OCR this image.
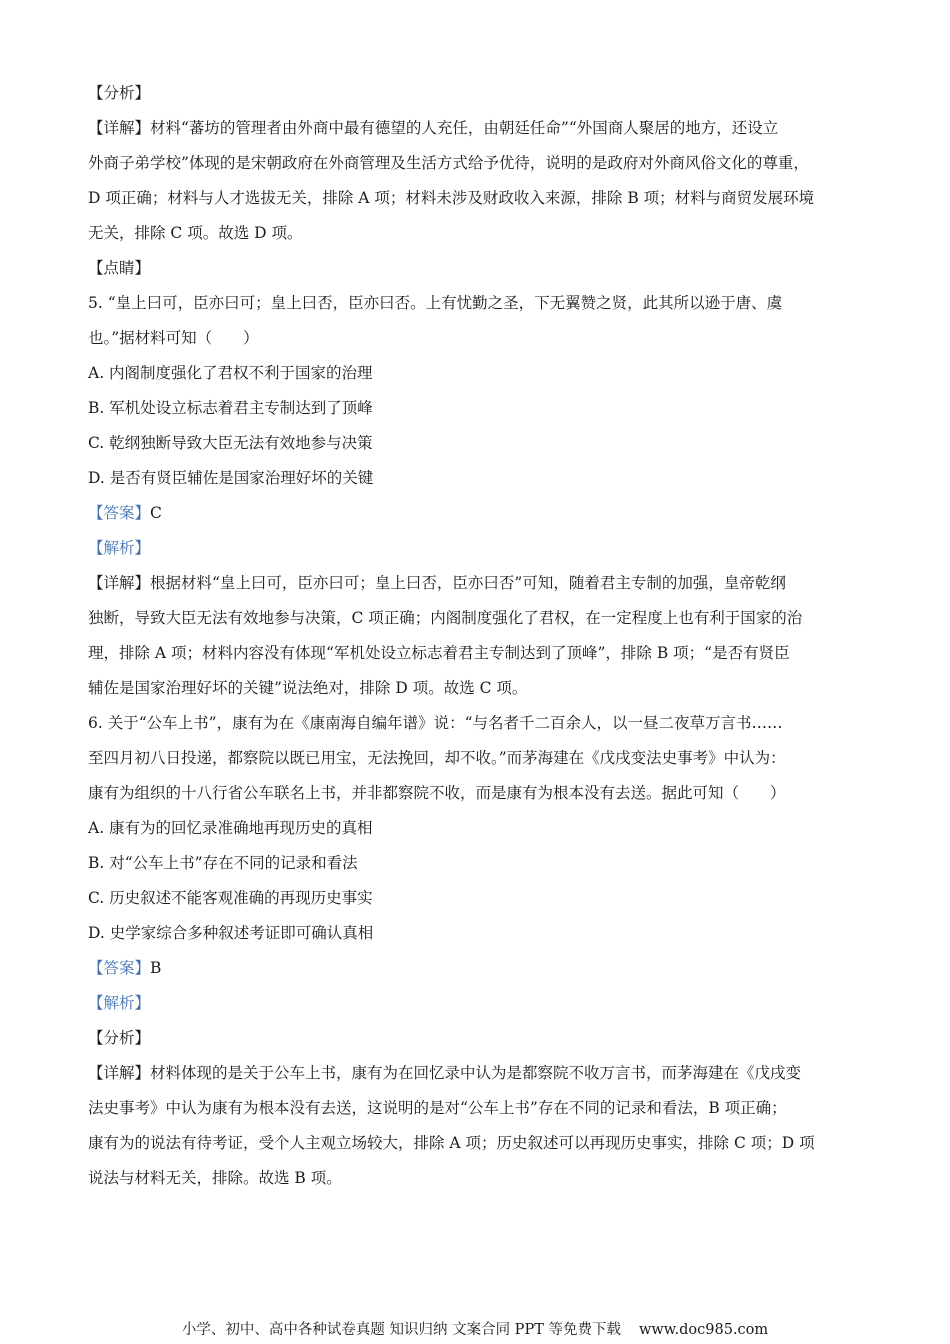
【分析】
【详解】材料“蕃坊的管理者由外商中最有德望的人充任，由朝廷任命”“外国商人聚居的地方，还设立
外商子弟学校”体现的是宋朝政府在外商管理及生活方式给予优待，说明的是政府对外商风俗文化的尊重，
D 项正确；材料与人才选拔无关，排除 A 项；材料未涉及财政收入来源，排除 B 项；材料与商贸发展环境
无关，排除 C 项。故选 D 项。
【点睛】
5. “皇上曰可，臣亦曰可；皇上曰否，臣亦曰否。上有忧勤之圣，下无翼赞之贤，此其所以逊于唐、虞
也。”据材料可知（　　）
A. 内阁制度强化了君权不利于国家的治理
B. 军机处设立标志着君主专制达到了顶峰
C. 乾纲独断导致大臣无法有效地参与决策
D. 是否有贤臣辅佐是国家治理好坏的关键
【答案】C
【解析】
【详解】根据材料“皇上曰可，臣亦曰可；皇上曰否，臣亦曰否”可知，随着君主专制的加强，皇帝乾纲
独断，导致大臣无法有效地参与决策，C 项正确；内阁制度强化了君权，在一定程度上也有利于国家的治
理，排除 A 项；材料内容没有体现“军机处设立标志着君主专制达到了顶峰”，排除 B 项；“是否有贤臣
辅佐是国家治理好坏的关键”说法绝对，排除 D 项。故选 C 项。
6. 关于“公车上书”，康有为在《康南海自编年谱》说：“与名者千二百余人，以一昼二夜草万言书……
至四月初八日投递，都察院以既已用宝，无法挽回，却不收。”而茅海建在《戊戌变法史事考》中认为：
康有为组织的十八行省公车联名上书，并非都察院不收，而是康有为根本没有去送。据此可知（　　）
A. 康有为的回忆录准确地再现历史的真相
B. 对“公车上书”存在不同的记录和看法
C. 历史叙述不能客观准确的再现历史事实
D. 史学家综合多种叙述考证即可确认真相
【答案】B
【解析】
【分析】
【详解】材料体现的是关于公车上书，康有为在回忆录中认为是都察院不收万言书，而茅海建在《戊戌变
法史事考》中认为康有为根本没有去送，这说明的是对“公车上书”存在不同的记录和看法，B 项正确；
康有为的说法有待考证，受个人主观立场较大，排除 A 项；历史叙述可以再现历史事实，排除 C 项；D 项
说法与材料无关，排除。故选 B 项。
小学、初中、高中各种试卷真题 知识归纳 文案合同 PPT 等免费下载 www.doc985.com
